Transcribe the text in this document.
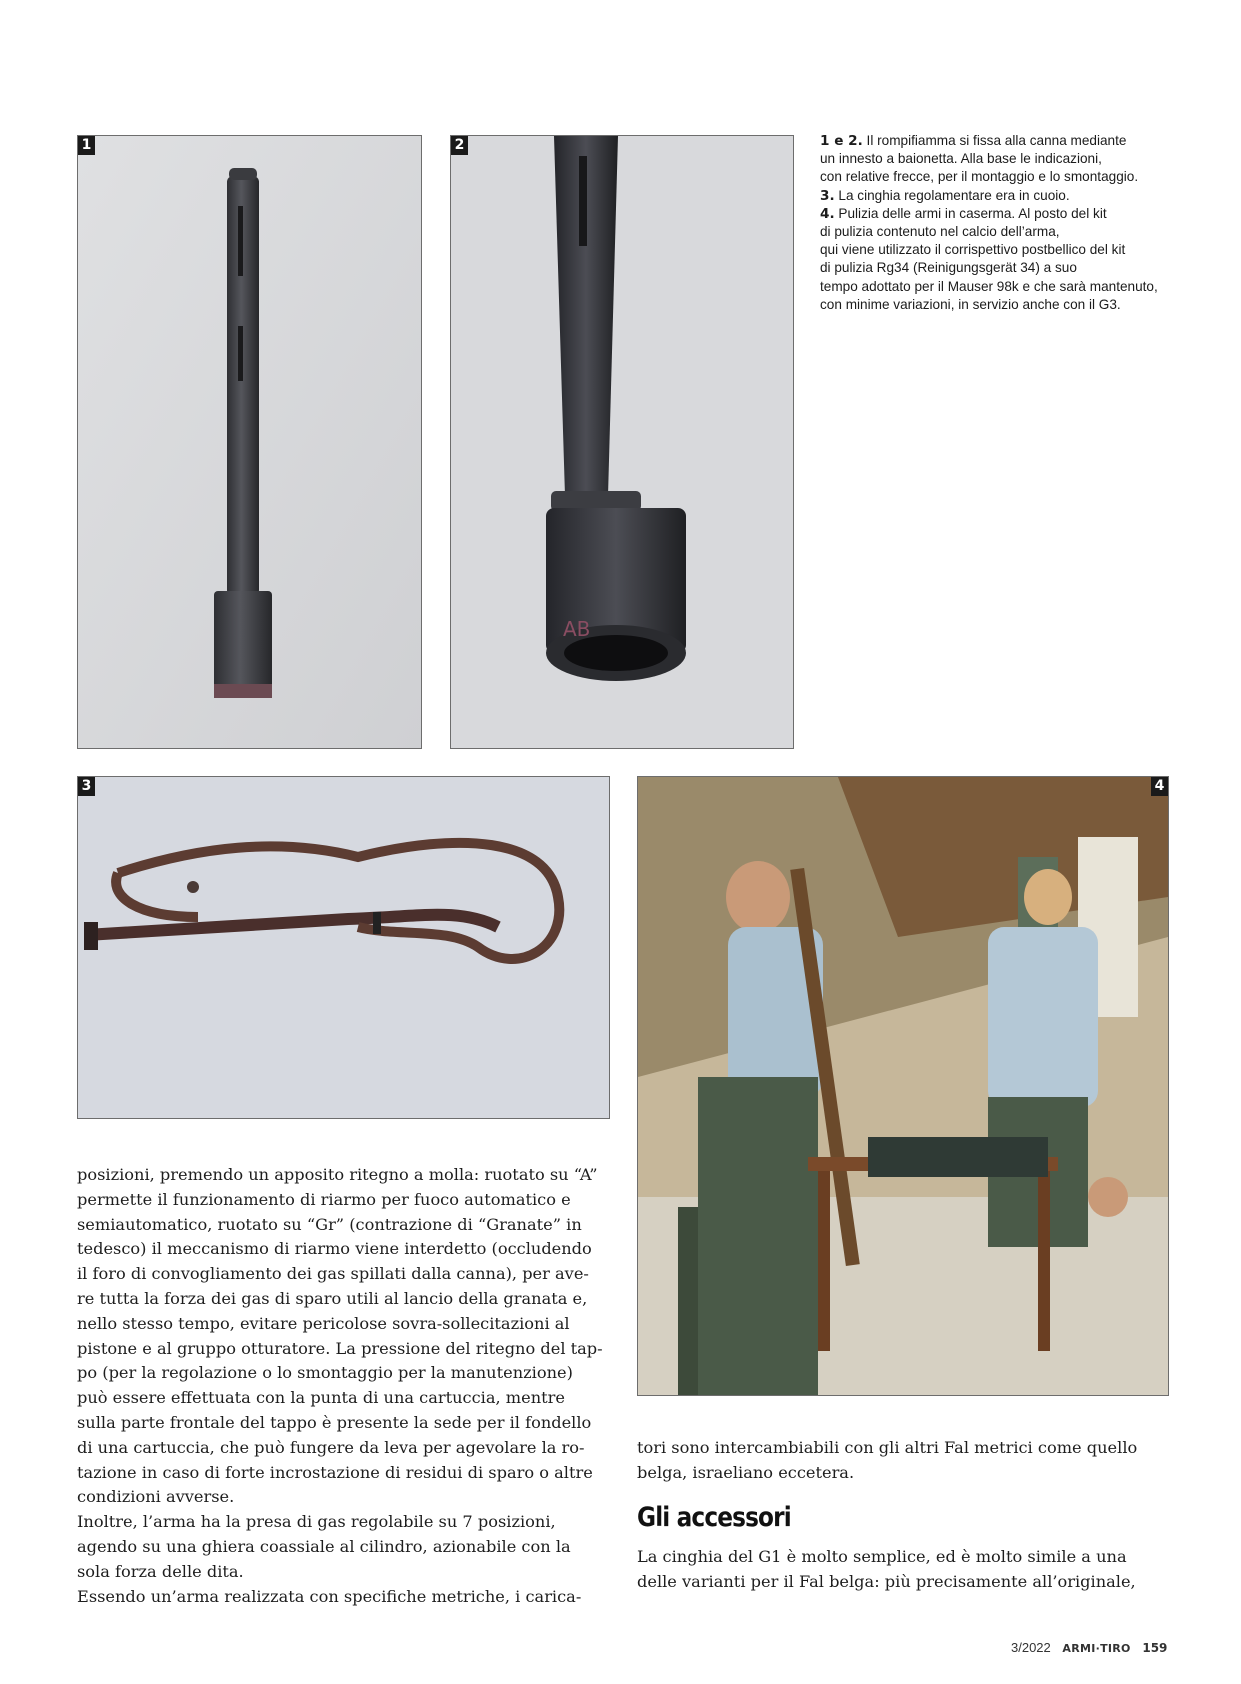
1
AB
2
3	4
1 e 2. Il rompifiamma si fissa alla canna mediante
un innesto a baionetta. Alla base le indicazioni,
con relative frecce, per il montaggio e lo smontaggio.
3. La cinghia regolamentare era in cuoio.
4. Pulizia delle armi in caserma. Al posto del kit
di pulizia contenuto nel calcio dell’arma,
qui viene utilizzato il corrispettivo postbellico del kit
di pulizia Rg34 (Reinigungsgerät 34) a suo
tempo adottato per il Mauser 98k e che sarà mantenuto,
con minime variazioni, in servizio anche con il G3.
posizioni, premendo un apposito ritegno a molla: ruotato su “A”
permette il funzionamento di riarmo per fuoco automatico e
semiautomatico, ruotato su “Gr” (contrazione di “Granate” in
tedesco) il meccanismo di riarmo viene interdetto (occludendo
il foro di convogliamento dei gas spillati dalla canna), per ave-
re tutta la forza dei gas di sparo utili al lancio della granata e,
nello stesso tempo, evitare pericolose sovra-sollecitazioni al
pistone e al gruppo otturatore. La pressione del ritegno del tap-
po (per la regolazione o lo smontaggio per la manutenzione)
può essere effettuata con la punta di una cartuccia, mentre
sulla parte frontale del tappo è presente la sede per il fondello
di una cartuccia, che può fungere da leva per agevolare la ro-
tazione in caso di forte incrostazione di residui di sparo o altre
condizioni avverse.
Inoltre, l’arma ha la presa di gas regolabile su 7 posizioni,
agendo su una ghiera coassiale al cilindro, azionabile con la
sola forza delle dita.
Essendo un’arma realizzata con specifiche metriche, i carica-
tori sono intercambiabili con gli altri Fal metrici come quello
belga, israeliano eccetera.
Gli accessori
La cinghia del G1 è molto semplice, ed è molto simile a una
delle varianti per il Fal belga: più precisamente all’originale,
3/2022 ARMI·TIRO 159
